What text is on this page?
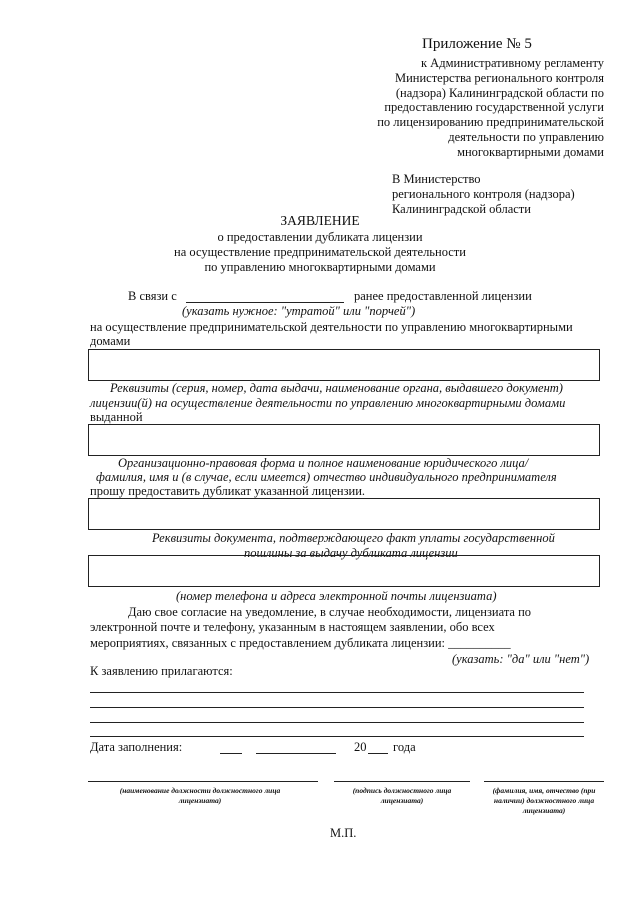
Приложение № 5
к Административному регламенту
Министерства регионального контроля
(надзора) Калининградской области по
предоставлению государственной услуги
по лицензированию предпринимательской
деятельности по управлению
многоквартирными домами
В Министерство
регионального контроля (надзора)
Калининградской области
ЗАЯВЛЕНИЕ
о предоставлении дубликата лицензии
на осуществление предпринимательской деятельности
по управлению многоквартирными домами
В связи с	ранее предоставленной лицензии
(указать нужное: "утратой" или "порчей")
на осуществление предпринимательской деятельности по управлению многоквартирными
домами
Реквизиты (серия, номер, дата выдачи, наименование органа, выдавшего документ)
лицензии(й) на осуществление деятельности по управлению многоквартирными домами
выданной
Организационно-правовая форма и полное наименование юридического лица/
фамилия, имя и (в случае, если имеется) отчество индивидуального предпринимателя
прошу предоставить дубликат указанной лицензии.
Реквизиты документа, подтверждающего факт уплаты государственной
пошлины за выдачу дубликата лицензии
(номер телефона и адреса электронной почты лицензиата)
Даю свое согласие на уведомление, в случае необходимости, лицензиата по
электронной почте и телефону, указанным в настоящем заявлении, обо всех
мероприятиях, связанных с предоставлением дубликата лицензии: __________
(указать: "да" или "нет")
К заявлению прилагаются:
Дата заполнения:	20 года
(наименование должности должностного лица лицензиата)
(подпись должностного лица лицензиата)
(фамилия, имя, отчество (при наличии) должностного лица лицензиата)
М.П.
